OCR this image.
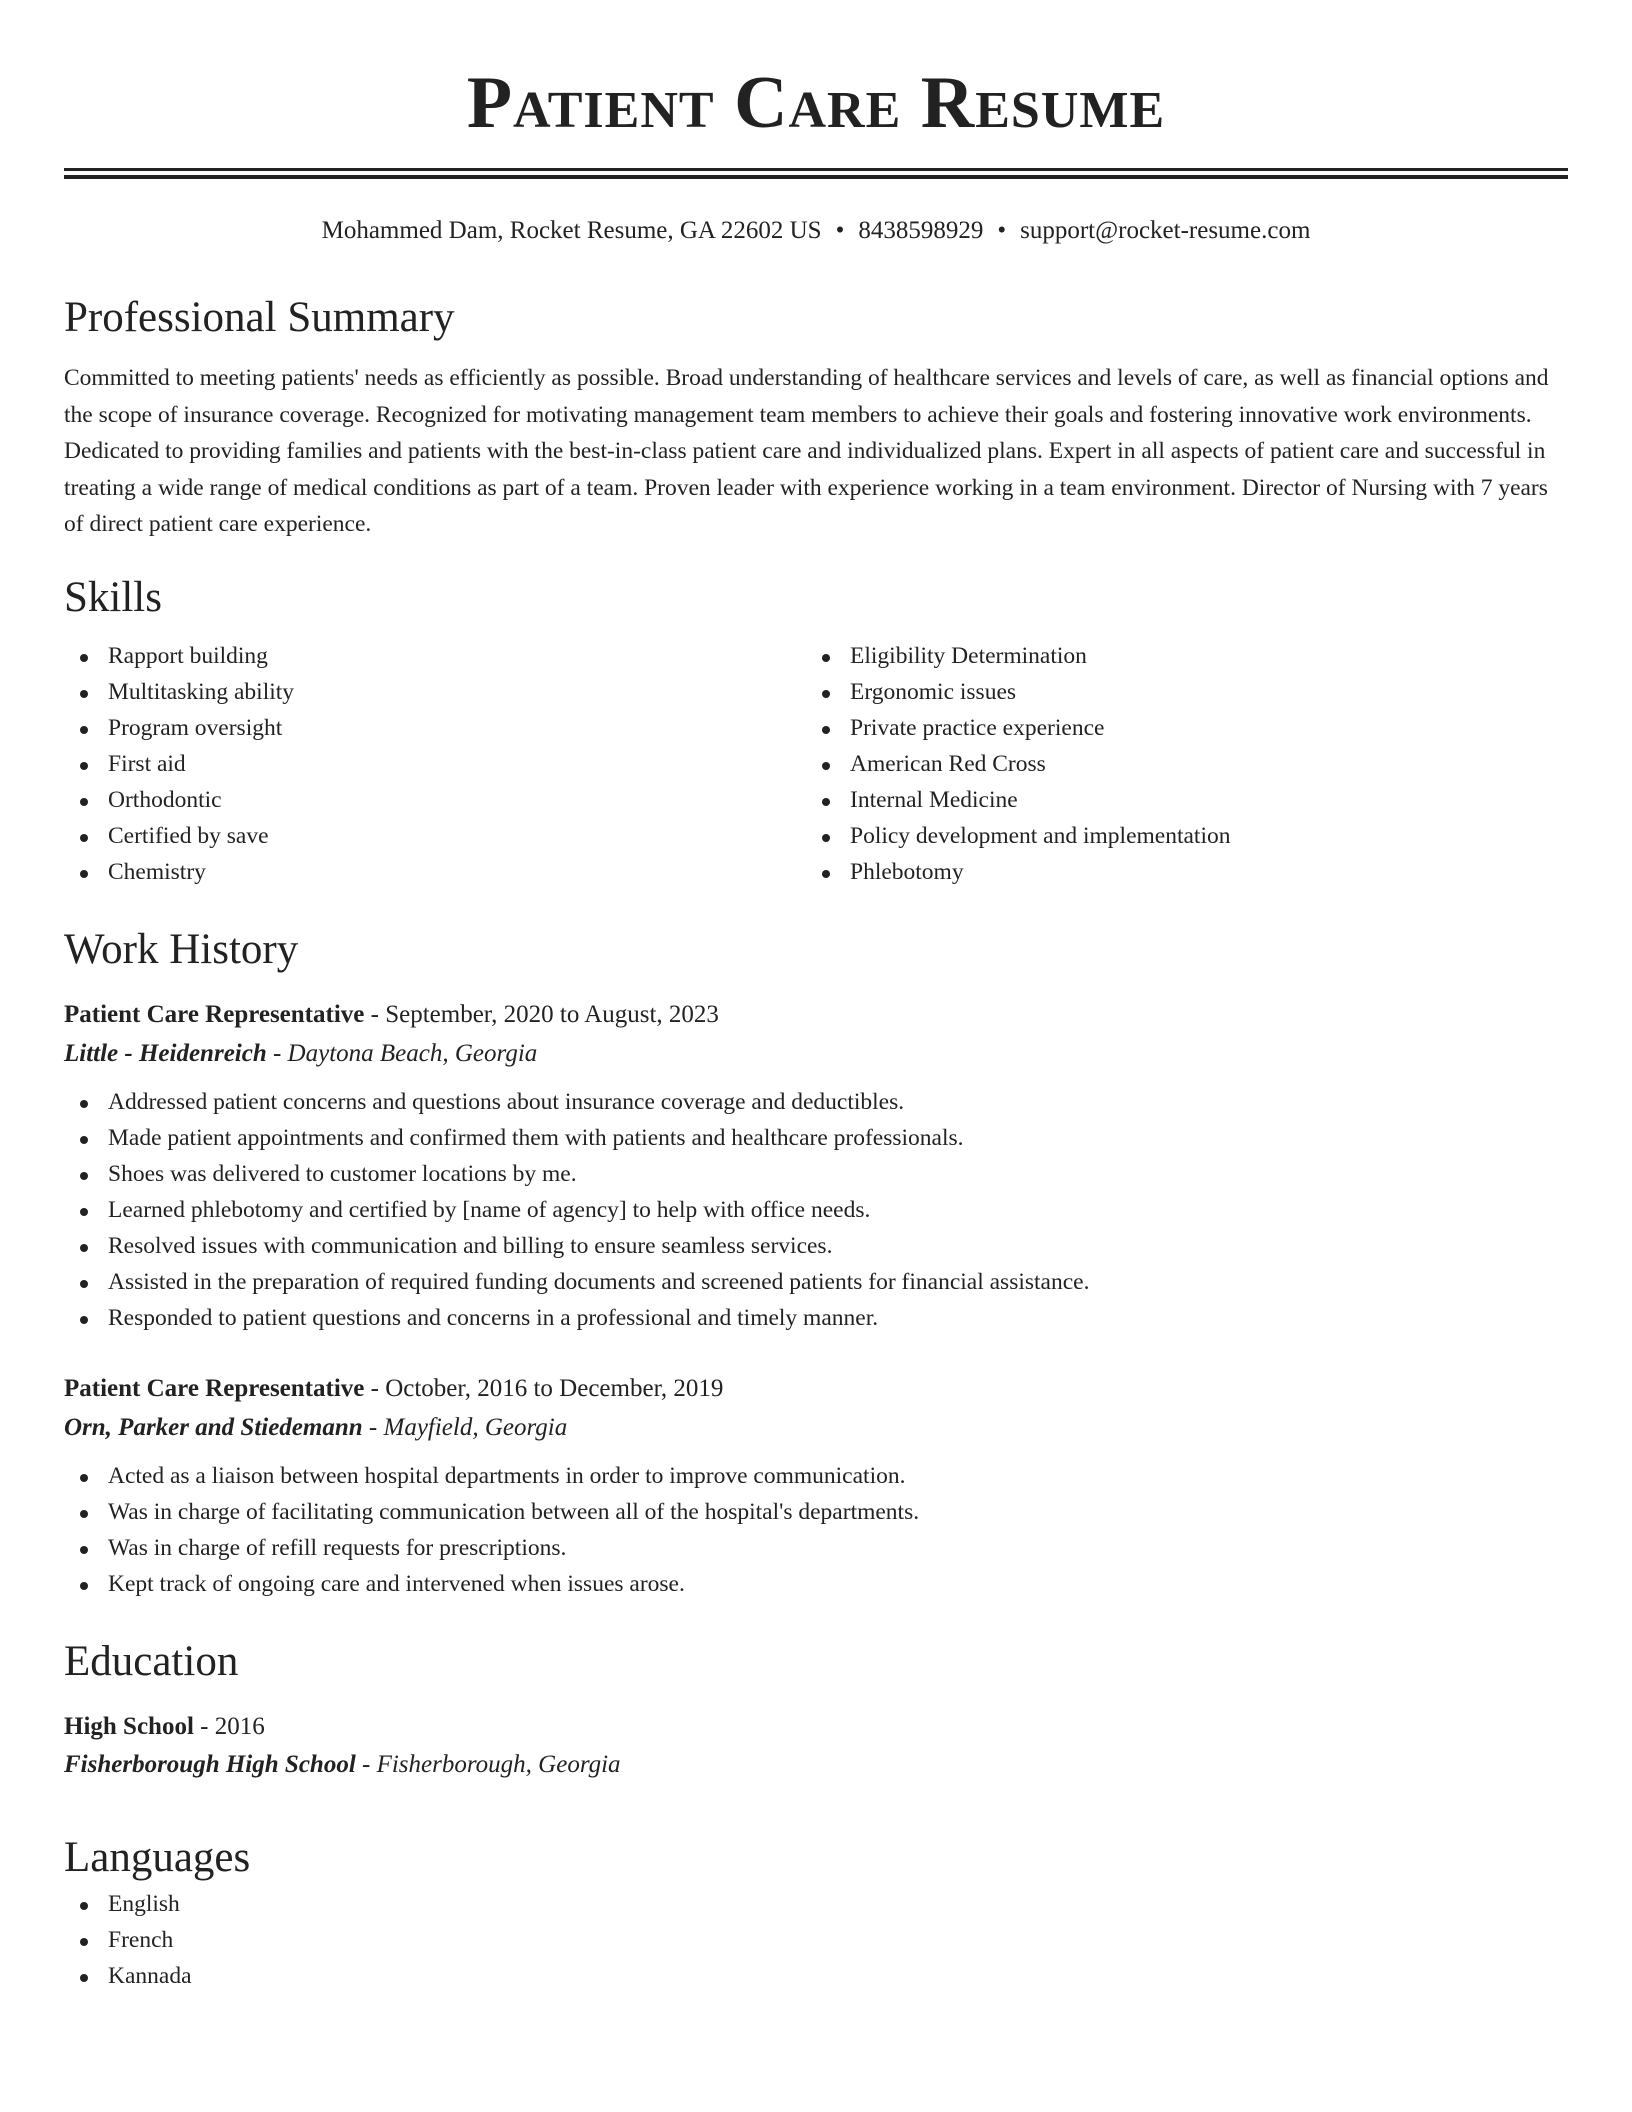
Patient Care Resume
Mohammed Dam, Rocket Resume, GA 22602 US • 8438598929 • support@rocket-resume.com
Professional Summary

Committed to meeting patients' needs as efficiently as possible. Broad understanding of healthcare services and levels of care, as well as financial options and the scope of insurance coverage. Recognized for motivating management team members to achieve their goals and fostering innovative work environments. Dedicated to providing families and patients with the best-in-class patient care and individualized plans. Expert in all aspects of patient care and successful in treating a wide range of medical conditions as part of a team. Proven leader with experience working in a team environment. Director of Nursing with 7 years of direct patient care experience.

Skills
Rapport building
Multitasking ability
Program oversight
First aid
Orthodontic
Certified by save
Chemistry
Eligibility Determination
Ergonomic issues
Private practice experience
American Red Cross
Internal Medicine
Policy development and implementation
Phlebotomy
Work History
Patient Care Representative - September, 2020 to August, 2023
Little - Heidenreich - Daytona Beach, Georgia
Addressed patient concerns and questions about insurance coverage and deductibles.
Made patient appointments and confirmed them with patients and healthcare professionals.
Shoes was delivered to customer locations by me.
Learned phlebotomy and certified by [name of agency] to help with office needs.
Resolved issues with communication and billing to ensure seamless services.
Assisted in the preparation of required funding documents and screened patients for financial assistance.
Responded to patient questions and concerns in a professional and timely manner.
Patient Care Representative - October, 2016 to December, 2019
Orn, Parker and Stiedemann - Mayfield, Georgia
Acted as a liaison between hospital departments in order to improve communication.
Was in charge of facilitating communication between all of the hospital's departments.
Was in charge of refill requests for prescriptions.
Kept track of ongoing care and intervened when issues arose.
Education
High School - 2016
Fisherborough High School - Fisherborough, Georgia
Languages
English
French
Kannada
